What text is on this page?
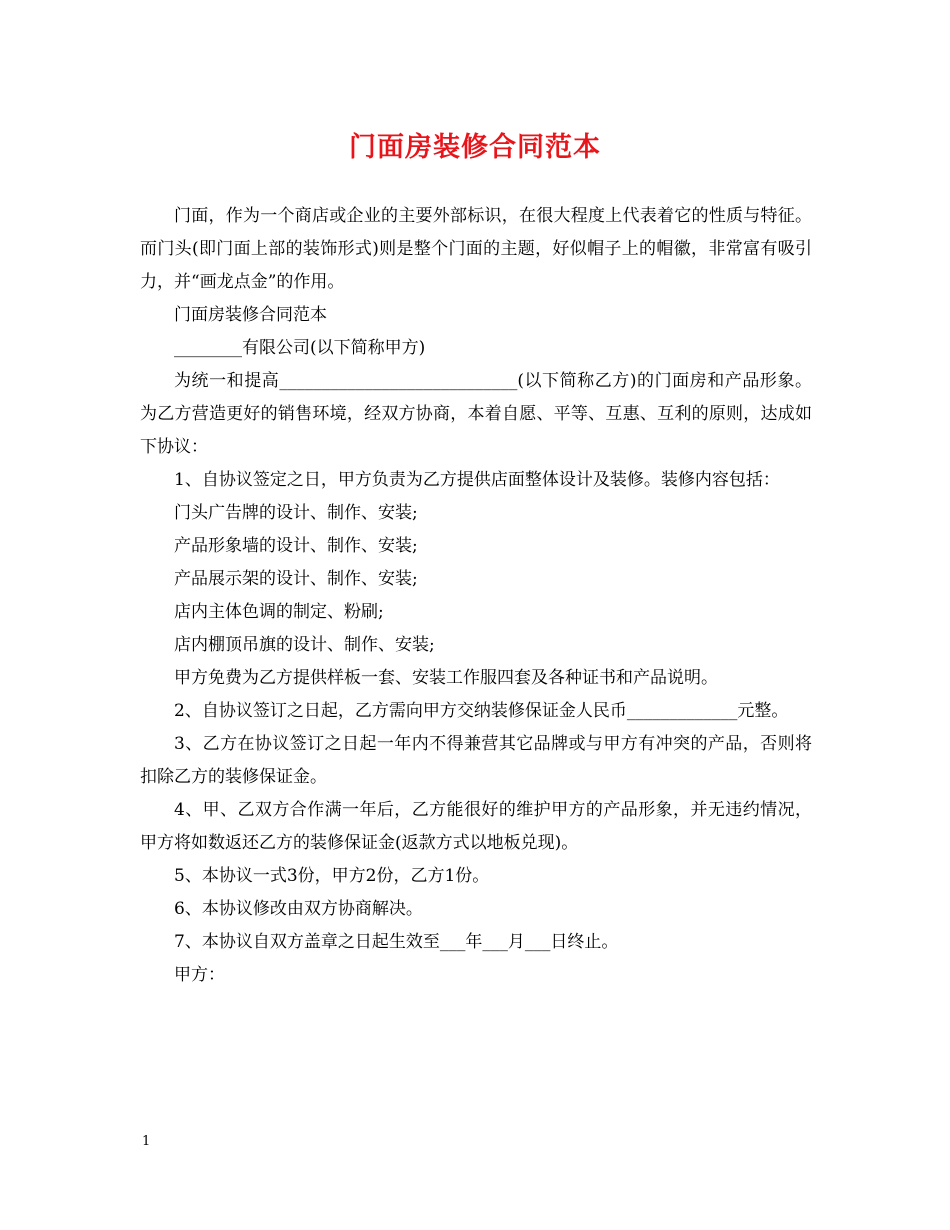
门面房装修合同范本

门面，作为一个商店或企业的主要外部标识，在很大程度上代表着它的性质与特征。而门头(即门面上部的装饰形式)则是整个门面的主题，好似帽子上的帽徽，非常富有吸引力，并“画龙点金”的作用。

门面房装修合同范本

________有限公司(以下简称甲方)

为统一和提高____________________________(以下简称乙方)的门面房和产品形象。为乙方营造更好的销售环境，经双方协商，本着自愿、平等、互惠、互利的原则，达成如下协议：

1、自协议签定之日，甲方负责为乙方提供店面整体设计及装修。装修内容包括：

门头广告牌的设计、制作、安装;

产品形象墙的设计、制作、安装;

产品展示架的设计、制作、安装;

店内主体色调的制定、粉刷;

店内棚顶吊旗的设计、制作、安装;

甲方免费为乙方提供样板一套、安装工作服四套及各种证书和产品说明。

2、自协议签订之日起，乙方需向甲方交纳装修保证金人民币_____________元整。

3、乙方在协议签订之日起一年内不得兼营其它品牌或与甲方有冲突的产品，否则将扣除乙方的装修保证金。

4、甲、乙双方合作满一年后，乙方能很好的维护甲方的产品形象，并无违约情况，甲方将如数返还乙方的装修保证金(返款方式以地板兑现)。

5、本协议一式3份，甲方2份，乙方1份。

6、本协议修改由双方协商解决。

7、本协议自双方盖章之日起生效至___年___月___日终止。

甲方：

1
